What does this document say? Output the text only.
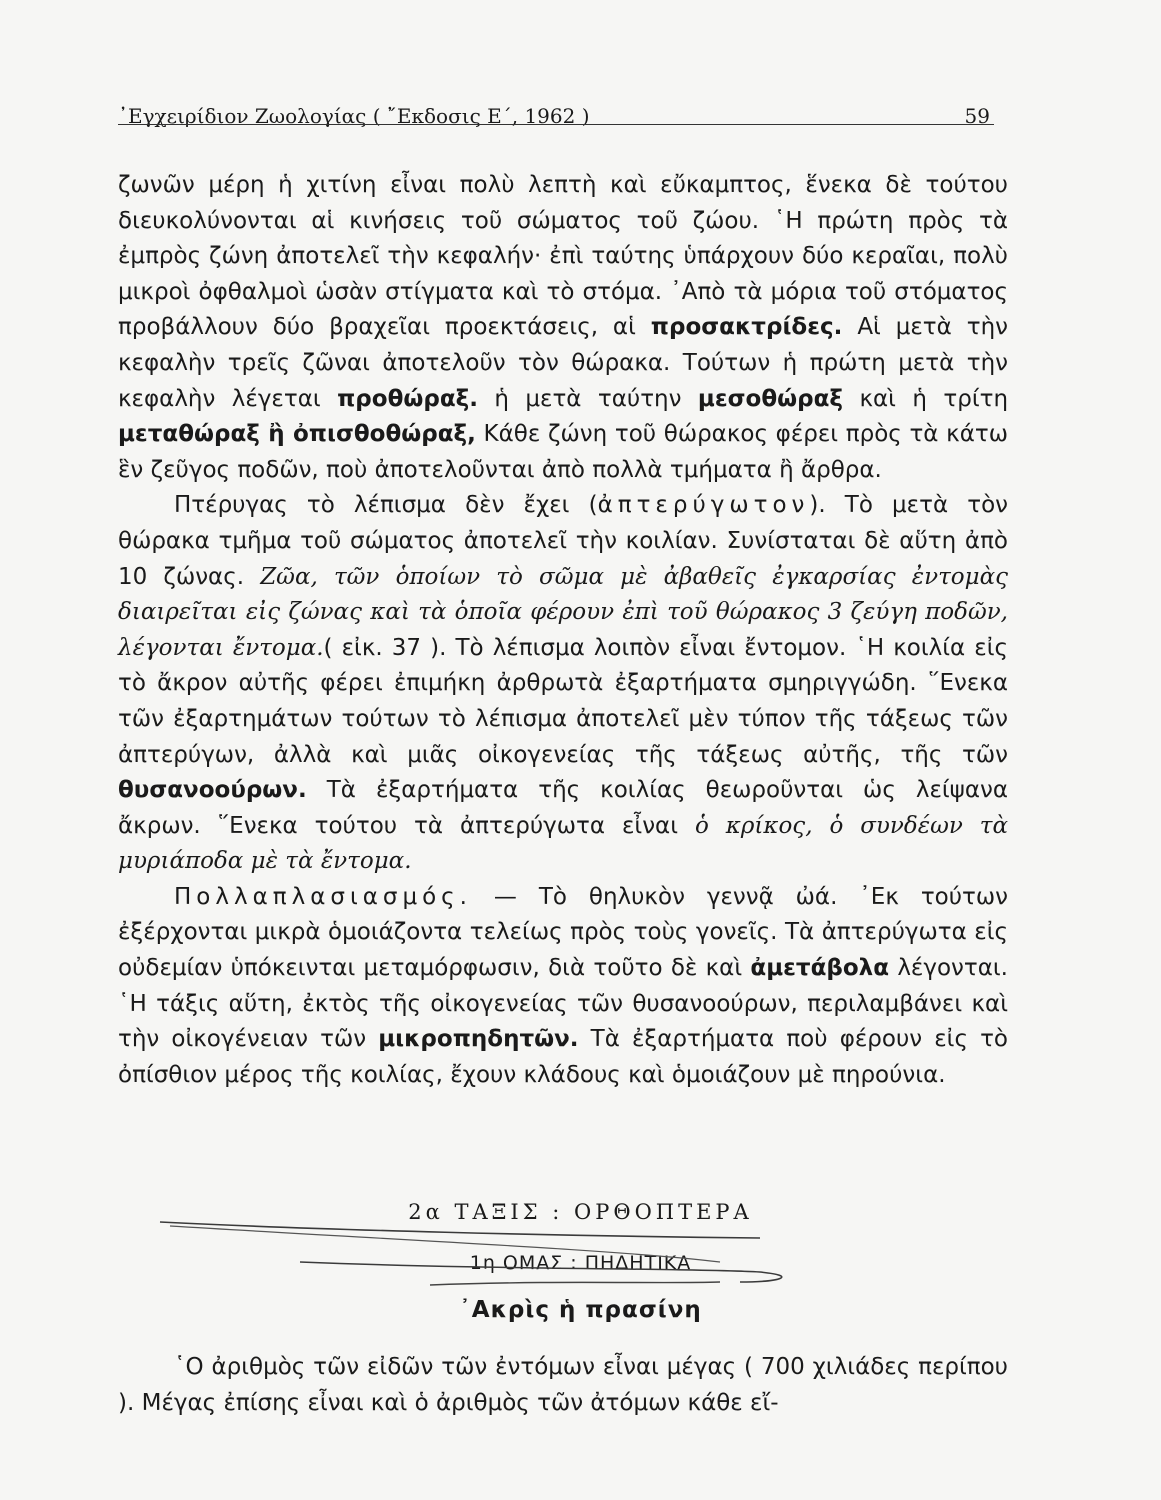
᾿Εγχειρίδιον Ζωολογίας ( ῎Εκδοσις Ε΄, 1962 )	59

ζωνῶν μέρη ἡ χιτίνη εἶναι πολὺ λεπτὴ καὶ εὔκαμπτος, ἕνεκα δὲ τούτου διευκολύνονται αἱ κινήσεις τοῦ σώματος τοῦ ζώου. ῾Η πρώτη πρὸς τὰ ἐμπρὸς ζώνη ἀποτελεῖ τὴν κεφαλήν· ἐπὶ ταύτης ὑπάρχουν δύο κεραῖαι, πολὺ μικροὶ ὀφθαλμοὶ ὡσὰν στίγματα καὶ τὸ στόμα. ᾿Απὸ τὰ μόρια τοῦ στόματος προβάλλουν δύο βραχεῖαι προεκτάσεις, αἱ προσακτρίδες. Αἱ μετὰ τὴν κεφαλὴν τρεῖς ζῶναι ἀποτελοῦν τὸν θώρακα. Τούτων ἡ πρώτη μετὰ τὴν κεφαλὴν λέγεται προθώραξ. ἡ μετὰ ταύτην μεσοθώραξ καὶ ἡ τρίτη μεταθώραξ ἢ ὀπισθοθώραξ, Κάθε ζώνη τοῦ θώρακος φέρει πρὸς τὰ κάτω ἓν ζεῦγος ποδῶν, ποὺ ἀποτελοῦνται ἀπὸ πολλὰ τμήματα ἢ ἄρθρα.

Πτέρυγας τὸ λέπισμα δὲν ἔχει (ἀπτερύγωτον). Τὸ μετὰ τὸν θώρακα τμῆμα τοῦ σώματος ἀποτελεῖ τὴν κοιλίαν. Συνίσταται δὲ αὕτη ἀπὸ 10 ζώνας. Ζῶα, τῶν ὁποίων τὸ σῶμα μὲ ἀβαθεῖς ἐγκαρσίας ἐντομὰς διαιρεῖται εἰς ζώνας καὶ τὰ ὁποῖα φέρουν ἐπὶ τοῦ θώρακος 3 ζεύγη ποδῶν, λέγονται ἔντομα.( εἰκ. 37 ). Τὸ λέπισμα λοιπὸν εἶναι ἔντομον. ῾Η κοιλία εἰς τὸ ἄκρον αὐτῆς φέρει ἐπιμήκη ἀρθρωτὰ ἐξαρτήματα σμηριγγώδη. ῞Ενεκα τῶν ἐξαρτημάτων τούτων τὸ λέπισμα ἀποτελεῖ μὲν τύπον τῆς τάξεως τῶν ἀπτερύγων, ἀλλὰ καὶ μιᾶς οἰκογενείας τῆς τάξεως αὐτῆς, τῆς τῶν θυσανοούρων. Τὰ ἐξαρτήματα τῆς κοιλίας θεωροῦνται ὡς λείψανα ἄκρων. ῞Ενεκα τούτου τὰ ἀπτερύγωτα εἶναι ὁ κρίκος, ὁ συνδέων τὰ μυριάποδα μὲ τὰ ἔντομα.

Πολλαπλασιασμός. — Τὸ θηλυκὸν γεννᾷ ὠά. ᾿Εκ τούτων ἐξέρχονται μικρὰ ὁμοιάζοντα τελείως πρὸς τοὺς γονεῖς. Τὰ ἀπτερύγωτα εἰς οὐδεμίαν ὑπόκεινται μεταμόρφωσιν, διὰ τοῦτο δὲ καὶ ἀμετάβολα λέγονται. ῾Η τάξις αὕτη, ἐκτὸς τῆς οἰκογενείας τῶν θυσανοούρων, περιλαμβάνει καὶ τὴν οἰκογένειαν τῶν μικροπηδητῶν. Τὰ ἐξαρτήματα ποὺ φέρουν εἰς τὸ ὀπίσθιον μέρος τῆς κοιλίας, ἔχουν κλάδους καὶ ὁμοιάζουν μὲ πηρούνια.

2α ΤΑΞΙΣ : ΟΡΘΟΠΤΕΡΑ
1η ΟΜΑΣ : ΠΗΔΗΤΙΚΑ
᾿Ακρὶς ἡ πρασίνη

῾Ο ἀριθμὸς τῶν εἰδῶν τῶν ἐντόμων εἶναι μέγας ( 700 χιλιάδες περίπου ). Μέγας ἐπίσης εἶναι καὶ ὁ ἀριθμὸς τῶν ἀτόμων κάθε εἴ-
